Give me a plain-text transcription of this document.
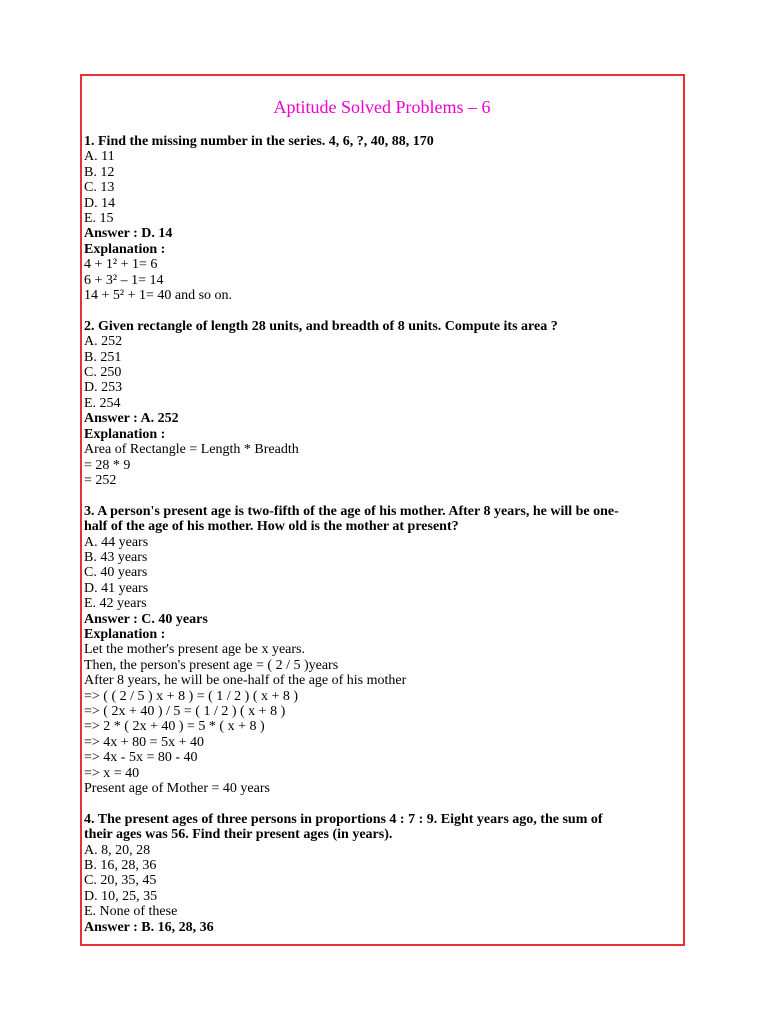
Aptitude Solved Problems – 6
1. Find the missing number in the series. 4, 6, ?, 40, 88, 170
A. 11
B. 12
C. 13
D. 14
E. 15
Answer : D. 14
Explanation :
4 + 1² + 1= 6
6 + 3² – 1= 14
14 + 5² + 1= 40 and so on.
2. Given rectangle of length 28 units, and breadth of 8 units. Compute its area ?
A. 252
B. 251
C. 250
D. 253
E. 254
Answer : A. 252
Explanation :
Area of Rectangle = Length * Breadth
= 28 * 9
= 252
3. A person's present age is two-fifth of the age of his mother. After 8 years, he will be one-
half of the age of his mother. How old is the mother at present?
A. 44 years
B. 43 years
C. 40 years
D. 41 years
E. 42 years
Answer : C. 40 years
Explanation :
Let the mother's present age be x years.
Then, the person's present age = ( 2 / 5 )years
After 8 years, he will be one-half of the age of his mother
=> ( ( 2 / 5 ) x + 8 ) = ( 1 / 2 ) ( x + 8 )
=> ( 2x + 40 ) / 5 = ( 1 / 2 ) ( x + 8 )
=> 2 * ( 2x + 40 ) = 5 * ( x + 8 )
=> 4x + 80 = 5x + 40
=> 4x - 5x = 80 - 40
=> x = 40
Present age of Mother = 40 years
4. The present ages of three persons in proportions 4 : 7 : 9. Eight years ago, the sum of
their ages was 56. Find their present ages (in years).
A. 8, 20, 28
B. 16, 28, 36
C. 20, 35, 45
D. 10, 25, 35
E. None of these
Answer : B. 16, 28, 36
